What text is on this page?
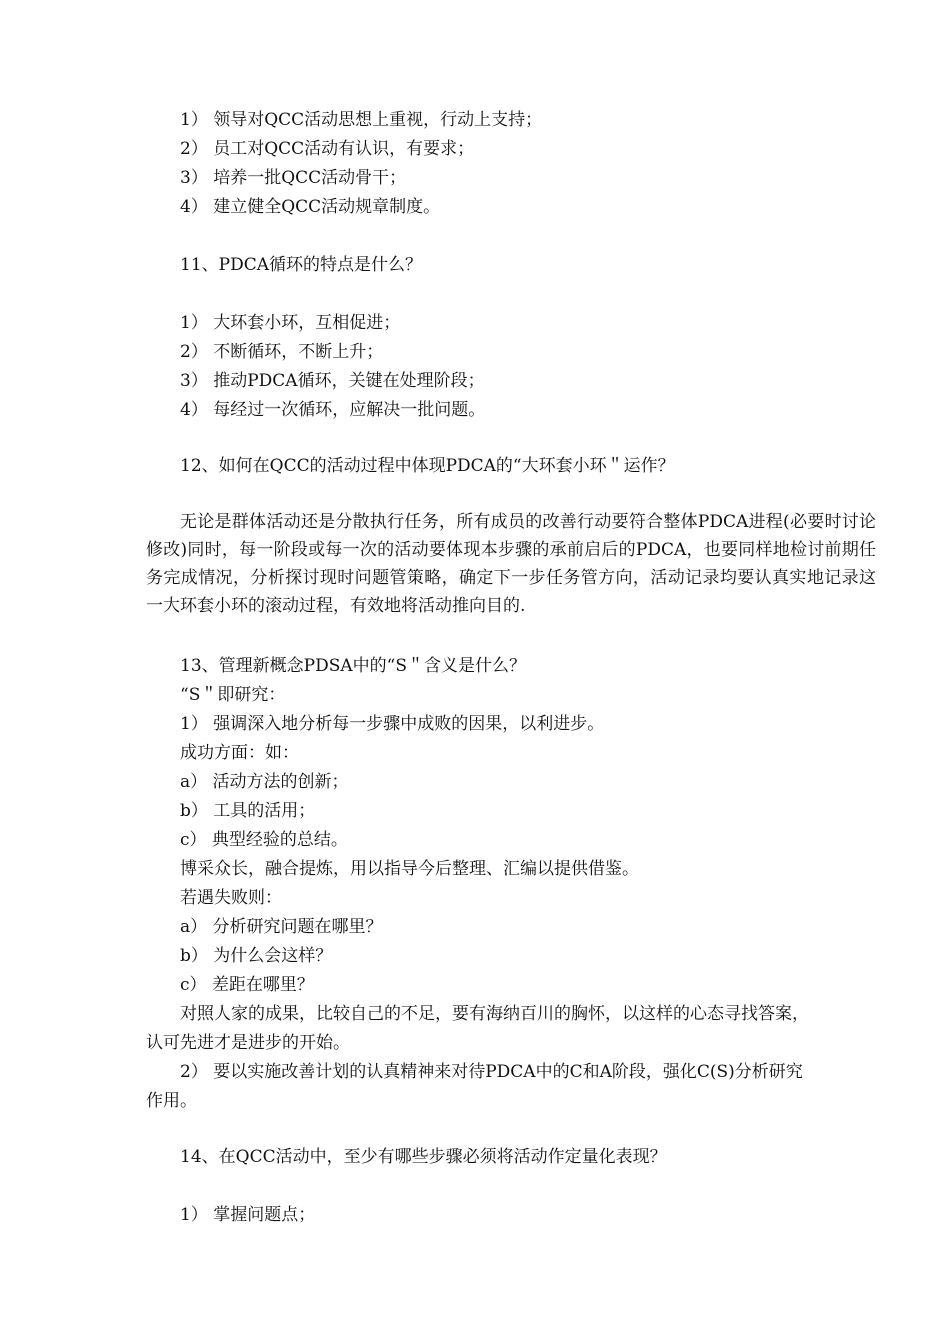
1） 领导对QCC活动思想上重视，行动上支持；
2） 员工对QCC活动有认识，有要求；
3） 培养一批QCC活动骨干；
4） 建立健全QCC活动规章制度。
11、PDCA循环的特点是什么？
1） 大环套小环，互相促进；
2） 不断循环，不断上升；
3） 推动PDCA循环，关键在处理阶段；
4） 每经过一次循环，应解决一批问题。
12、如何在QCC的活动过程中体现PDCA的“大环套小环＂运作？
无论是群体活动还是分散执行任务，所有成员的改善行动要符合整体PDCA进程(必要时讨论修改)同时，每一阶段或每一次的活动要体现本步骤的承前启后的PDCA，也要同样地检讨前期任务完成情况，分析探讨现时问题管策略，确定下一步任务管方向，活动记录均要认真实地记录这一大环套小环的滚动过程，有效地将活动推向目的.
13、管理新概念PDSA中的“S＂含义是什么？
“S＂即研究：
1） 强调深入地分析每一步骤中成败的因果，以利进步。
成功方面：如：
a） 活动方法的创新；
b） 工具的活用；
c） 典型经验的总结。
博采众长，融合提炼，用以指导今后整理、汇编以提供借鉴。
若遇失败则：
a） 分析研究问题在哪里？
b） 为什么会这样？
c） 差距在哪里？
对照人家的成果，比较自己的不足，要有海纳百川的胸怀，以这样的心态寻找答案，
认可先进才是进步的开始。
2） 要以实施改善计划的认真精神来对待PDCA中的C和A阶段，强化C(S)分析研究
作用。
14、在QCC活动中，至少有哪些步骤必须将活动作定量化表现？
1） 掌握问题点；
